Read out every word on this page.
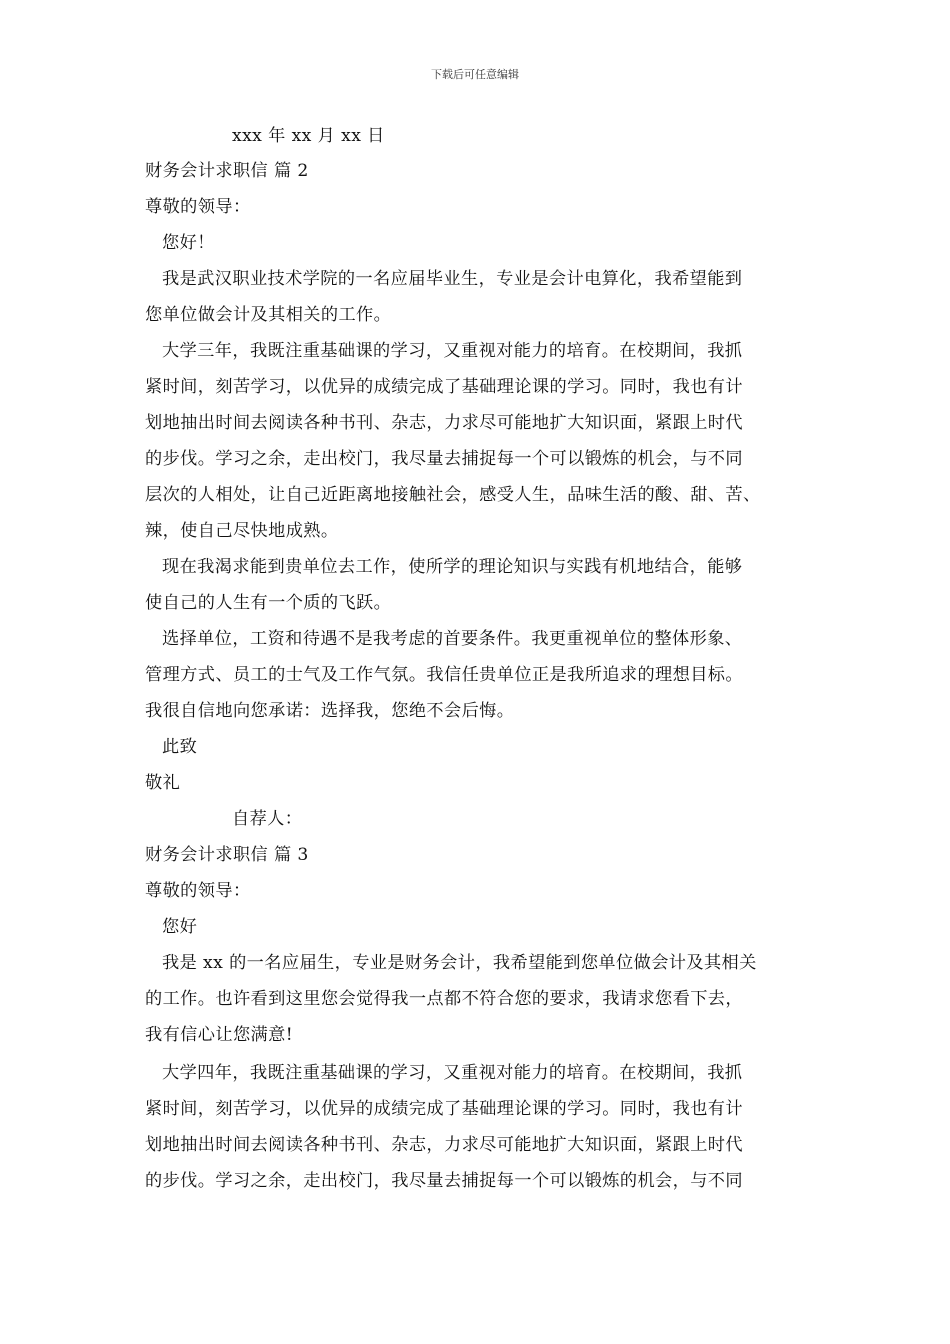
下载后可任意编辑
xxx 年 xx 月 xx 日
财务会计求职信 篇 2
尊敬的领导：
您好！
我是武汉职业技术学院的一名应届毕业生，专业是会计电算化，我希望能到
您单位做会计及其相关的工作。
大学三年，我既注重基础课的学习，又重视对能力的培育。在校期间，我抓
紧时间，刻苦学习，以优异的成绩完成了基础理论课的学习。同时，我也有计
划地抽出时间去阅读各种书刊、杂志，力求尽可能地扩大知识面，紧跟上时代
的步伐。学习之余，走出校门，我尽量去捕捉每一个可以锻炼的机会，与不同
层次的人相处，让自己近距离地接触社会，感受人生，品味生活的酸、甜、苦、
辣，使自己尽快地成熟。
现在我渴求能到贵单位去工作，使所学的理论知识与实践有机地结合，能够
使自己的人生有一个质的飞跃。
选择单位，工资和待遇不是我考虑的首要条件。我更重视单位的整体形象、
管理方式、员工的士气及工作气氛。我信任贵单位正是我所追求的理想目标。
我很自信地向您承诺：选择我，您绝不会后悔。
此致
敬礼
自荐人：
财务会计求职信 篇 3
尊敬的领导：
您好
我是 xx 的一名应届生，专业是财务会计，我希望能到您单位做会计及其相关
的工作。也许看到这里您会觉得我一点都不符合您的要求，我请求您看下去，
我有信心让您满意!
大学四年，我既注重基础课的学习，又重视对能力的培育。在校期间，我抓
紧时间，刻苦学习，以优异的成绩完成了基础理论课的学习。同时，我也有计
划地抽出时间去阅读各种书刊、杂志，力求尽可能地扩大知识面，紧跟上时代
的步伐。学习之余，走出校门，我尽量去捕捉每一个可以锻炼的机会，与不同
